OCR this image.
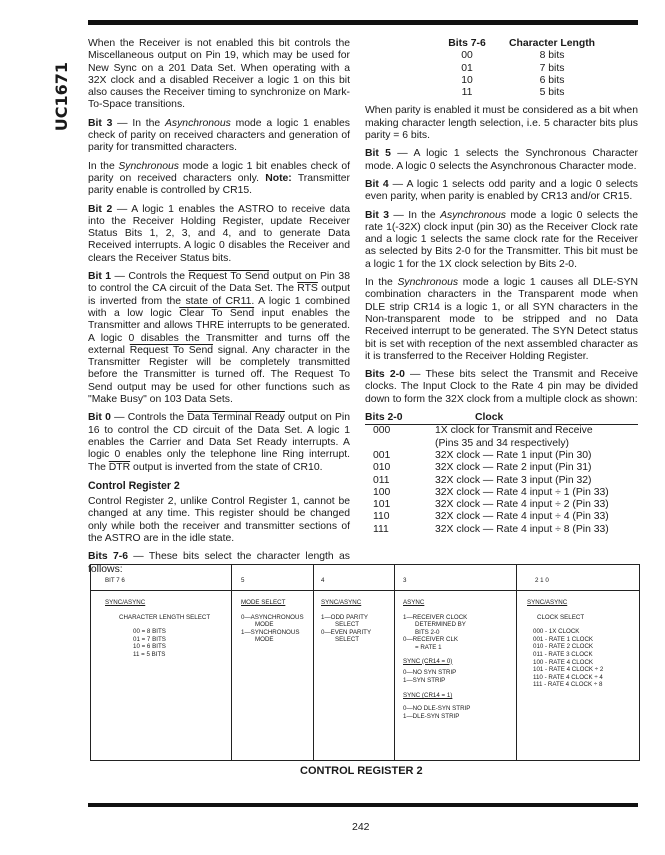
UC1671

When the Receiver is not enabled this bit controls the Miscellaneous output on Pin 19, which may be used for New Sync on a 201 Data Set. When operating with a 32X clock and a disabled Receiver a logic 1 on this bit also causes the Receiver timing to synchronize on Mark-To-Space transitions.

Bit 3 — In the Asynchronous mode a logic 1 enables check of parity on received characters and generation of parity for transmitted characters.

In the Synchronous mode a logic 1 bit enables check of parity on received characters only. Note: Transmitter parity enable is controlled by CR15.

Bit 2 — A logic 1 enables the ASTRO to receive data into the Receiver Holding Register, update Receiver Status Bits 1, 2, 3, and 4, and to generate Data Received interrupts. A logic 0 disables the Receiver and clears the Receiver Status bits.

Bit 1 — Controls the Request To Send output on Pin 38 to control the CA circuit of the Data Set. The $\overline{RTS}$ output is inverted from the state of CR11. A logic 1 combined with a low logic Clear To Send input enables the Transmitter and allows THRE interrupts to be generated. A logic 0 disables the Transmitter and turns off the external Request To Send signal. Any character in the Transmitter Register will be completely transmitted before the Transmitter is turned off. The Request To Send output may be used for other functions such as "Make Busy" on 103 Data Sets.

Bit 0 — Controls the Data Terminal Ready output on Pin 16 to control the CD circuit of the Data Set. A logic 1 enables the Carrier and Data Set Ready interrupts. A logic 0 enables only the telephone line Ring interrupt. The $\overline{DTR}$ output is inverted from the state of CR10.

Control Register 2

Control Register 2, unlike Control Register 1, cannot be changed at any time. This register should be changed only while both the receiver and transmitter sections of the ASTRO are in the idle state.

Bits 7-6 — These bits select the character length as follows:

Bits 7-6	Character Length
00	8 bits
01	7 bits
10	6 bits
11	5 bits

When parity is enabled it must be considered as a bit when making character length selection, i.e. 5 character bits plus parity = 6 bits.

Bit 5 — A logic 1 selects the Synchronous Character mode. A logic 0 selects the Asynchronous Character mode.

Bit 4 — A logic 1 selects odd parity and a logic 0 selects even parity, when parity is enabled by CR13 and/or CR15.

Bit 3 — In the Asynchronous mode a logic 0 selects the rate 1(-32X) clock input (pin 30) as the Receiver Clock rate and a logic 1 selects the same clock rate for the Receiver as selected by Bits 2-0 for the Transmitter. This bit must be a logic 1 for the 1X clock selection by Bits 2-0.

In the Synchronous mode a logic 1 causes all DLE-SYN combination characters in the Transparent mode when DLE strip CR14 is a logic 1, or all SYN characters in the Non-transparent mode to be stripped and no Data Received interrupt to be generated. The SYN Detect status bit is set with reception of the next assembled character as it is transferred to the Receiver Holding Register.

Bits 2-0 — These bits select the Transmit and Receive clocks. The Input Clock to the Rate 4 pin may be divided down to form the 32X clock from a multiple clock as shown:

Bits 2-0	Clock
000	1X clock for Transmit and Receive
	(Pins 35 and 34 respectively)
001	32X clock — Rate 1 input (Pin 30)
010	32X clock — Rate 2 input (Pin 31)
011	32X clock — Rate 3 input (Pin 32)
100	32X clock — Rate 4 input ÷ 1 (Pin 33)
101	32X clock — Rate 4 input ÷ 2 (Pin 33)
110	32X clock — Rate 4 input ÷ 4 (Pin 33)
111	32X clock — Rate 4 input ÷ 8 (Pin 33)
BIT 7 6
SYNC/ASYNC
CHARACTER LENGTH SELECT
00 = 8 BITS
01 = 7 BITS
10 = 6 BITS
11 = 5 BITS
5
MODE SELECT
0—ASYNCHRONOUS
MODE
1—SYNCHRONOUS
MODE
4
SYNC/ASYNC
1—ODD PARITY
SELECT
0—EVEN PARITY
SELECT
3
ASYNC
1—RECEIVER CLOCK
DETERMINED BY
BITS 2-0
0—RECEIVER CLK
= RATE 1
SYNC (CR14 = 0)
0—NO SYN STRIP
1—SYN STRIP
SYNC (CR14 = 1)
0—NO DLE-SYN STRIP
1—DLE-SYN STRIP
2 1 0
SYNC/ASYNC
CLOCK SELECT
000 - 1X CLOCK
001 - RATE 1 CLOCK
010 - RATE 2 CLOCK
011 - RATE 3 CLOCK
100 - RATE 4 CLOCK
101 - RATE 4 CLOCK ÷ 2
110 - RATE 4 CLOCK ÷ 4
111 - RATE 4 CLOCK ÷ 8
CONTROL REGISTER 2
242
